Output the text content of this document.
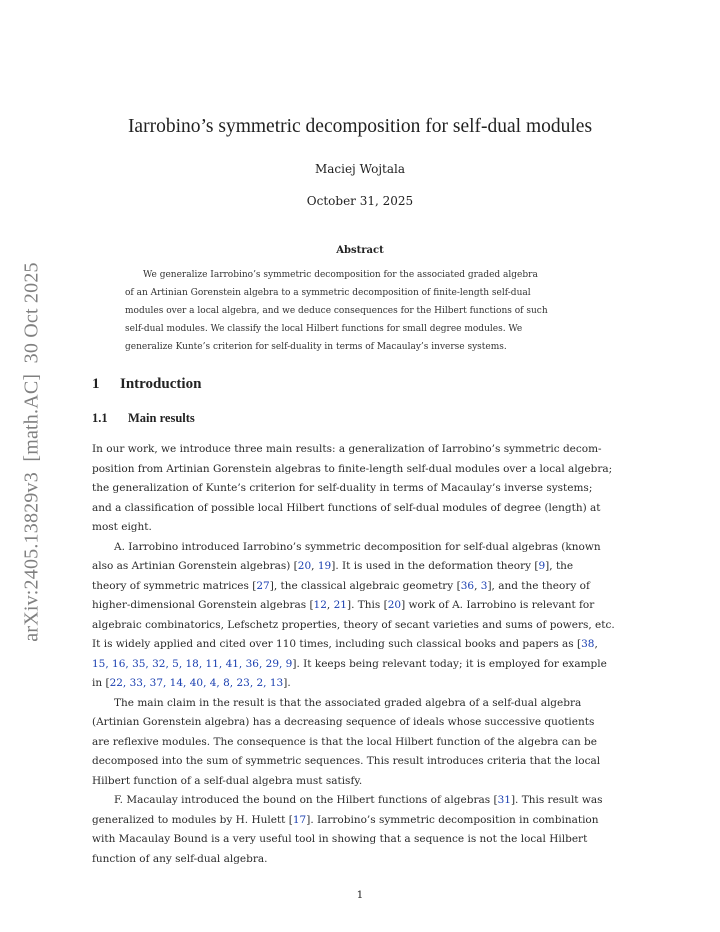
arXiv:2405.13829v3  [math.AC]  30 Oct 2025
Iarrobino’s symmetric decomposition for self-dual modules
Maciej Wojtala
October 31, 2025
Abstract
We generalize Iarrobino’s symmetric decomposition for the associated graded algebra
of an Artinian Gorenstein algebra to a symmetric decomposition of finite-length self-dual
modules over a local algebra, and we deduce consequences for the Hilbert functions of such
self-dual modules. We classify the local Hilbert functions for small degree modules. We
generalize Kunte’s criterion for self-duality in terms of Macaulay’s inverse systems.
1 Introduction
1.1 Main results
In our work, we introduce three main results: a generalization of Iarrobino’s symmetric decom-
position from Artinian Gorenstein algebras to finite-length self-dual modules over a local algebra;
the generalization of Kunte’s criterion for self-duality in terms of Macaulay’s inverse systems;
and a classification of possible local Hilbert functions of self-dual modules of degree (length) at
most eight.
A. Iarrobino introduced Iarrobino’s symmetric decomposition for self-dual algebras (known
also as Artinian Gorenstein algebras) [20, 19]. It is used in the deformation theory [9], the
theory of symmetric matrices [27], the classical algebraic geometry [36, 3], and the theory of
higher-dimensional Gorenstein algebras [12, 21]. This [20] work of A. Iarrobino is relevant for
algebraic combinatorics, Lefschetz properties, theory of secant varieties and sums of powers, etc.
It is widely applied and cited over 110 times, including such classical books and papers as [38,
15, 16, 35, 32, 5, 18, 11, 41, 36, 29, 9]. It keeps being relevant today; it is employed for example
in [22, 33, 37, 14, 40, 4, 8, 23, 2, 13].
The main claim in the result is that the associated graded algebra of a self-dual algebra
(Artinian Gorenstein algebra) has a decreasing sequence of ideals whose successive quotients
are reflexive modules. The consequence is that the local Hilbert function of the algebra can be
decomposed into the sum of symmetric sequences. This result introduces criteria that the local
Hilbert function of a self-dual algebra must satisfy.
F. Macaulay introduced the bound on the Hilbert functions of algebras [31]. This result was
generalized to modules by H. Hulett [17]. Iarrobino’s symmetric decomposition in combination
with Macaulay Bound is a very useful tool in showing that a sequence is not the local Hilbert
function of any self-dual algebra.
1
